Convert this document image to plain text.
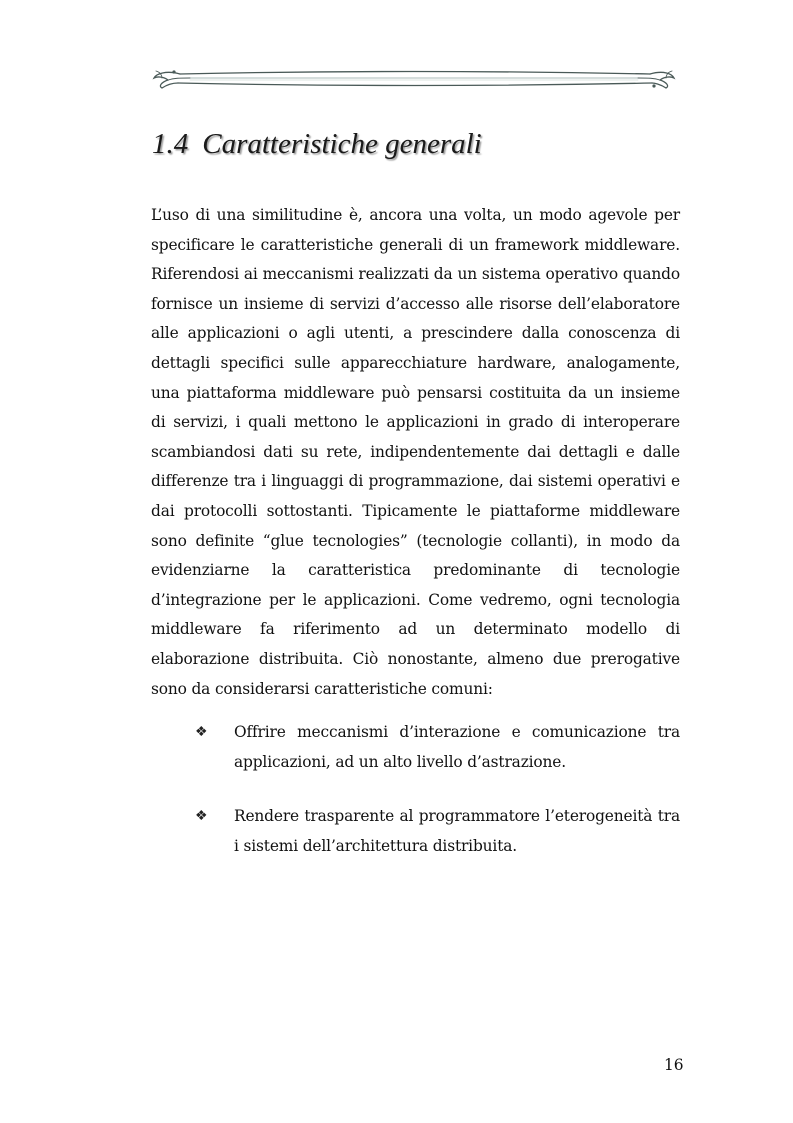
1.4 Caratteristiche generali

L’uso di una similitudine è, ancora una volta, un modo agevole per specificare le caratteristiche generali di un framework middleware. Riferendosi ai meccanismi realizzati da un sistema operativo quando fornisce un insieme di servizi d’accesso alle risorse dell’elaboratore alle applicazioni o agli utenti, a prescindere dalla conoscenza di dettagli specifici sulle apparecchiature hardware, analogamente, una piattaforma middleware può pensarsi costituita da un insieme di servizi, i quali mettono le applicazioni in grado di interoperare scambiandosi dati su rete, indipendentemente dai dettagli e dalle differenze tra i linguaggi di programmazione, dai sistemi operativi e dai protocolli sottostanti. Tipicamente le piattaforme middleware sono definite “glue tecnologies” (tecnologie collanti), in modo da evidenziarne la caratteristica predominante di tecnologie d’integrazione per le applicazioni. Come vedremo, ogni tecnologia middleware fa riferimento ad un determinato modello di elaborazione distribuita. Ciò nonostante, almeno due prerogative sono da considerarsi caratteristiche comuni:

❖ Offrire meccanismi d’interazione e comunicazione tra applicazioni, ad un alto livello d’astrazione.

❖ Rendere trasparente al programmatore l’eterogeneità tra i sistemi dell’architettura distribuita.

16
